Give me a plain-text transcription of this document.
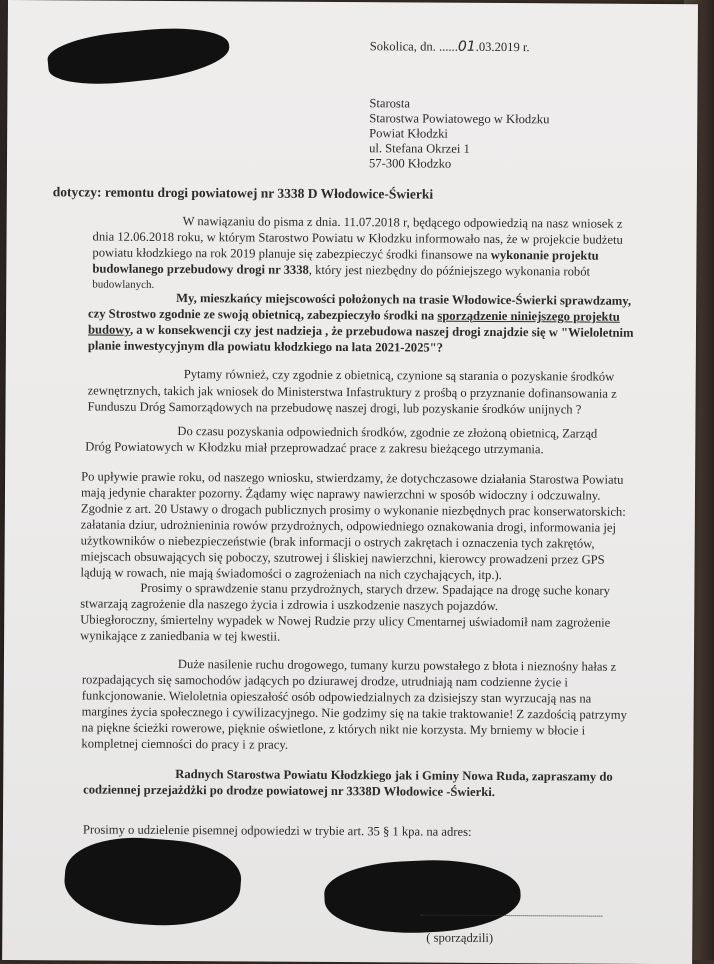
Sokolica, dn. ......01.03.2019 r.
Starosta
Starostwa Powiatowego w Kłodzku
Powiat Kłodzki
ul. Stefana Okrzei 1
57-300 Kłodzko
dotyczy: remontu drogi powiatowej nr 3338 D Włodowice-Świerki
W nawiązaniu do pisma z dnia. 11.07.2018 r, będącego odpowiedzią na nasz wniosek z
dnia 12.06.2018 roku, w którym Starostwo Powiatu w Kłodzku informowało nas, że w projekcie budżetu
powiatu kłodzkiego na rok 2019 planuje się zabezpieczyć środki finansowe na wykonanie projektu
budowlanego przebudowy drogi nr 3338, który jest niezbędny do późniejszego wykonania robót
budowlanych.
My, mieszkańcy miejscowości położonych na trasie Włodowice-Świerki sprawdzamy,
czy Strostwo zgodnie ze swoją obietnicą, zabezpieczyło środki na sporządzenie niniejszego projektu
budowy, a w konsekwencji czy jest nadzieja , że przebudowa naszej drogi znajdzie się w "Wieloletnim
planie inwestycyjnym dla powiatu kłodzkiego na lata 2021-2025"?
Pytamy również, czy zgodnie z obietnicą, czynione są starania o pozyskanie środków
zewnętrznych, takich jak wniosek do Ministerstwa Infastruktury z prośbą o przyznanie dofinansowania z
Funduszu Dróg Samorządowych na przebudowę naszej drogi, lub pozyskanie środków unijnych ?
Do czasu pozyskania odpowiednich środków, zgodnie ze złożoną obietnicą, Zarząd
Dróg Powiatowych w Kłodzku miał przeprowadzać prace z zakresu bieżącego utrzymania.
Po upływie prawie roku, od naszego wniosku, stwierdzamy, że dotychczasowe działania Starostwa Powiatu
mają jedynie charakter pozorny. Żądamy więc naprawy nawierzchni w sposób widoczny i odczuwalny.
Zgodnie z art. 20 Ustawy o drogach publicznych prosimy o wykonanie niezbędnych prac konserwatorskich:
załatania dziur, udrożnieninia rowów przydrożnych, odpowiedniego oznakowania drogi, informowania jej
użytkowników o niebezpieczeństwie (brak informacji o ostrych zakrętach i oznaczenia tych zakrętów,
miejscach obsuwających się poboczy, szutrowej i śliskiej nawierzchni, kierowcy prowadzeni przez GPS
lądują w rowach, nie mają świadomości o zagrożeniach na nich czychających, itp.).
Prosimy o sprawdzenie stanu przydrożnych, starych drzew. Spadające na drogę suche konary
stwarzają zagrożenie dla naszego życia i zdrowia i uszkodzenie naszych pojazdów.
Ubiegłoroczny, śmiertelny wypadek w Nowej Rudzie przy ulicy Cmentarnej uświadomił nam zagrożenie
wynikające z zaniedbania w tej kwestii.
Duże nasilenie ruchu drogowego, tumany kurzu powstałego z błota i nieznośny hałas z
rozpadających się samochodów jadących po dziurawej drodze, utrudniają nam codzienne życie i
funkcjonowanie. Wieloletnia opieszałość osób odpowiedzialnych za dzisiejszy stan wyrzucają nas na
margines życia społecznego i cywilizacyjnego. Nie godzimy się na takie traktowanie! Z zazdością patrzymy
na piękne ścieżki rowerowe, pięknie oświetlone, z których nikt nie korzysta. My brniemy w błocie i
kompletnej ciemności do pracy i z pracy.
Radnych Starostwa Powiatu Kłodzkiego jak i Gminy Nowa Ruda, zapraszamy do
codziennej przejażdżki po drodze powiatowej nr 3338D Włodowice -Świerki.
Prosimy o udzielenie pisemnej odpowiedzi w trybie art. 35 § 1 kpa. na adres:
( sporządzili)
